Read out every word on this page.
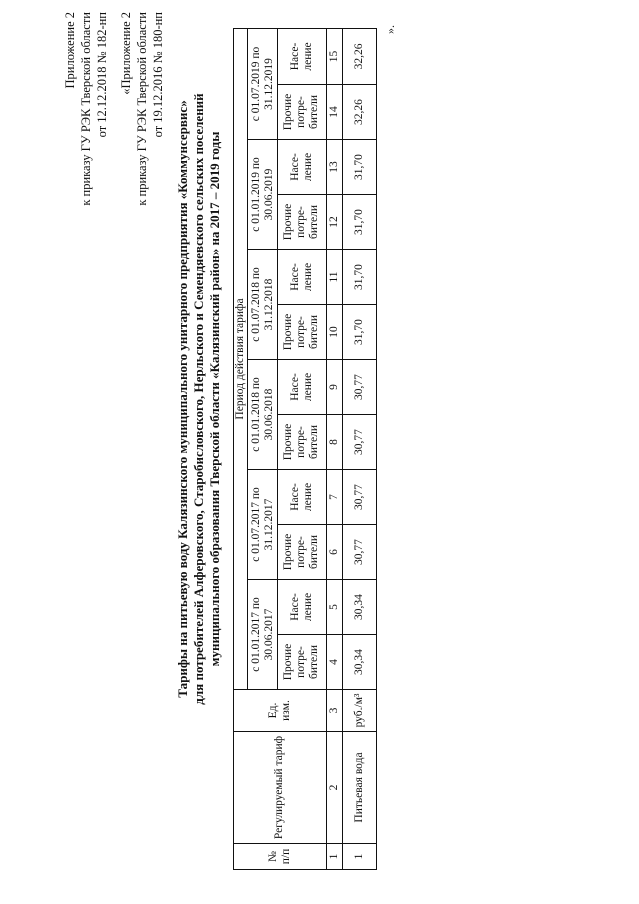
Приложение 2 к приказу ГУ РЭК Тверской области от 12.12.2018 № 182-нп «Приложение 2 к приказу ГУ РЭК Тверской области от 19.12.2016 № 180-нп
Тарифы на питьевую воду Калязинского муниципального унитарного предприятия «Коммунсервис» для потребителей Алферовского, Старобисловского, Нерльского и Семендяевского сельских поселений муниципального образования Тверской области «Калязинский район» на 2017 – 2019 годы
№ п/п	Регулируемый тариф	Ед. изм.	Период действия тарифа											
			с 01.01.2017 по 30.06.2017		с 01.07.2017 по 31.12.2017		с 01.01.2018 по 30.06.2018		с 01.07.2018 по 31.12.2018		с 01.01.2019 по 30.06.2019		с 01.07.2019 по 31.12.2019	
			Прочие потре-бители	Насе-ление	Прочие потре-бители	Насе-ление	Прочие потре-бители	Насе-ление	Прочие потре-бители	Насе-ление	Прочие потре-бители	Насе-ление	Прочие потре-бители	Насе-ление
1	2	3	4	5	6	7	8	9	10	11	12	13	14	15
1	Питьевая вода	руб./м³	30,34	30,34	30,77	30,77	30,77	30,77	31,70	31,70	31,70	31,70	32,26	32,26
».
